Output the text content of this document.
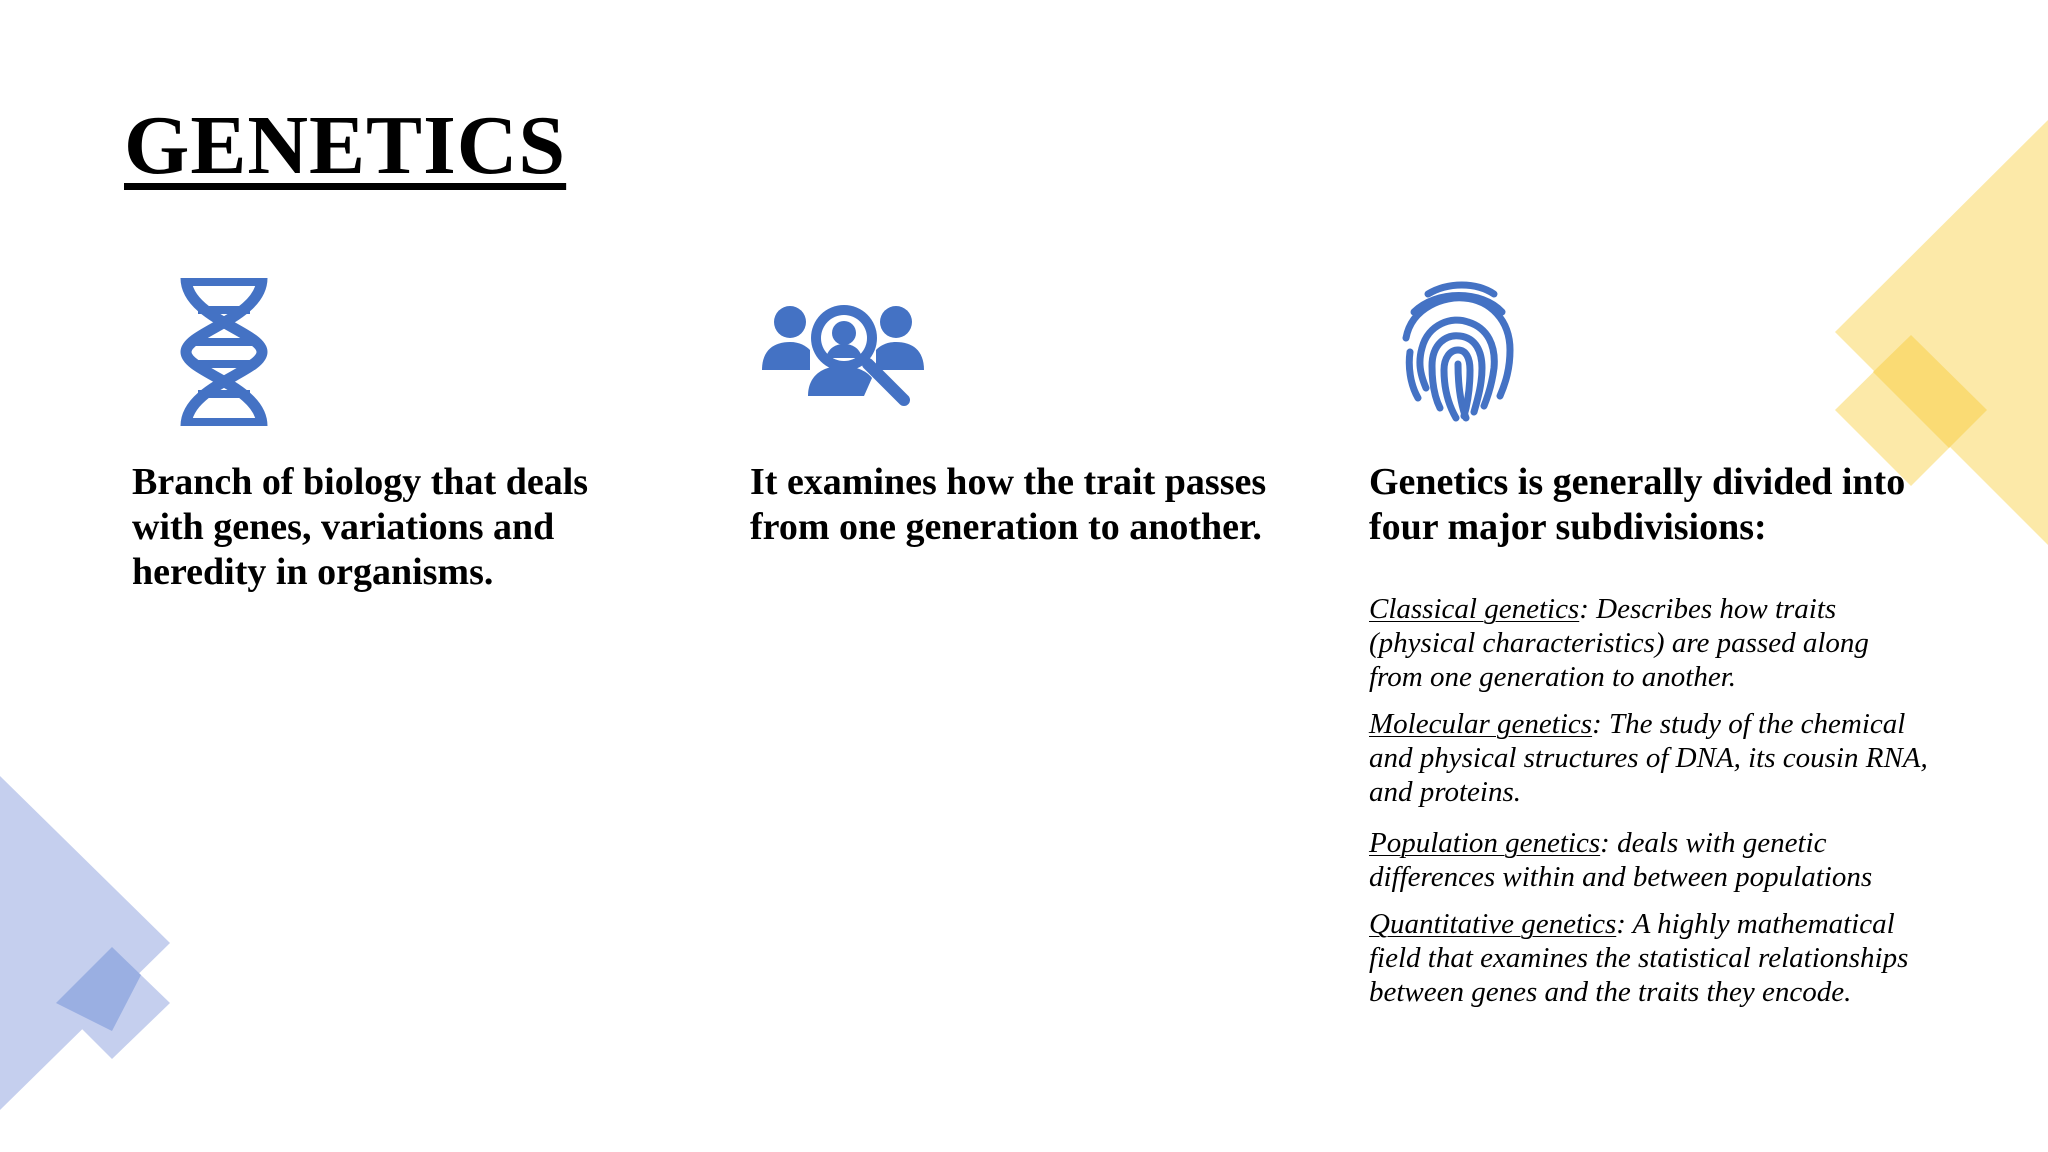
GENETICS

Branch of biology that deals with genes, variations and heredity in organisms.

It examines how the trait passes from one generation to another.

Genetics is generally divided into four major subdivisions:

Classical genetics: Describes how traits (physical characteristics) are passed along from one generation to another.
Molecular genetics: The study of the chemical and physical structures of DNA, its cousin RNA, and proteins.
Population genetics: deals with genetic differences within and between populations
Quantitative genetics: A highly mathematical field that examines the statistical relationships between genes and the traits they encode.
